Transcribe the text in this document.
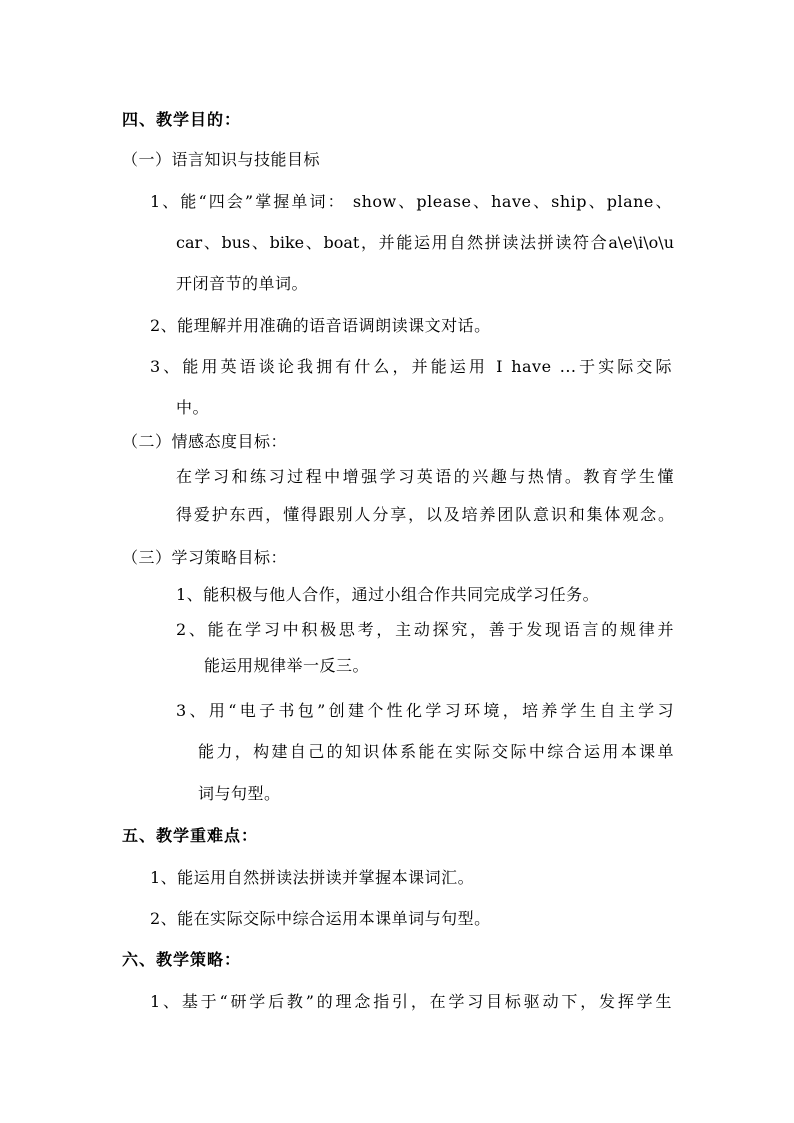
四、教学目的：
（一）语言知识与技能目标
1、能“四会”掌握单词： show、please、have、ship、plane、
car、bus、bike、boat，并能运用自然拼读法拼读符合a\e\i\o\u
开闭音节的单词。
2、能理解并用准确的语音语调朗读课文对话。
3、能用英语谈论我拥有什么，并能运用 I have ...于实际交际
中。
（二）情感态度目标：
在学习和练习过程中增强学习英语的兴趣与热情。教育学生懂
得爱护东西，懂得跟别人分享，以及培养团队意识和集体观念。
（三）学习策略目标：
1、能积极与他人合作，通过小组合作共同完成学习任务。
2、能在学习中积极思考，主动探究，善于发现语言的规律并
能运用规律举一反三。
3、用“电子书包”创建个性化学习环境，培养学生自主学习
能力，构建自己的知识体系能在实际交际中综合运用本课单
词与句型。
五、教学重难点：
1、能运用自然拼读法拼读并掌握本课词汇。
2、能在实际交际中综合运用本课单词与句型。
六、教学策略：
1、基于“研学后教”的理念指引，在学习目标驱动下，发挥学生
